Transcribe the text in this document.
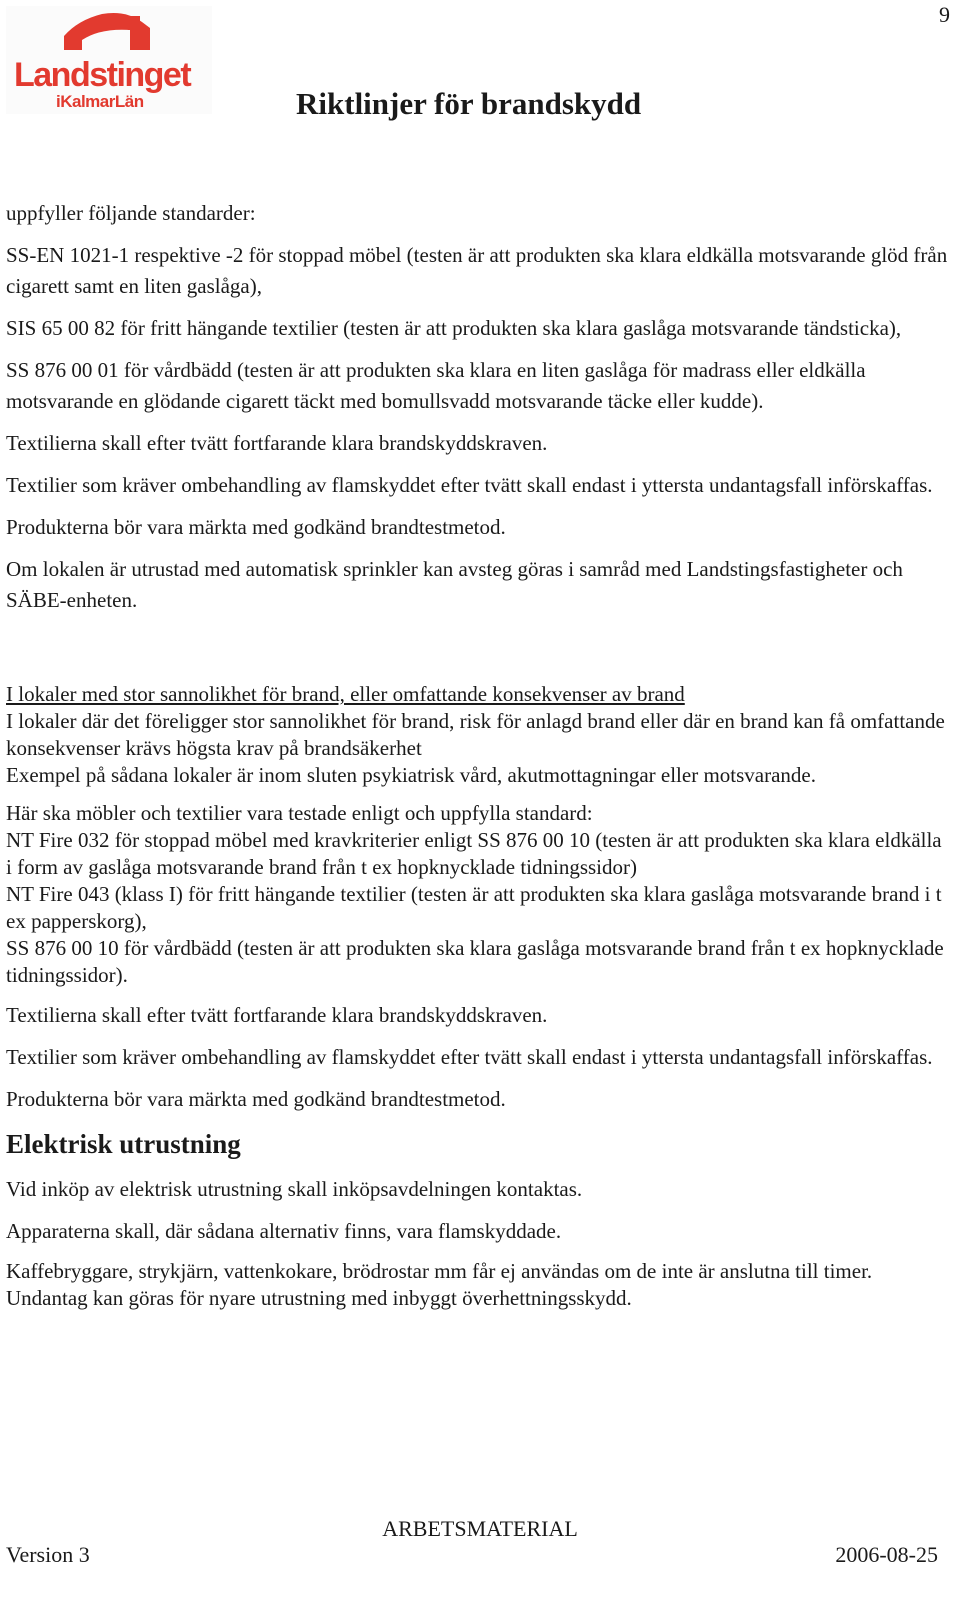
9
Landstinget
iKalmarLän	Riktlinjer för brandskydd

uppfyller följande standarder:

SS-EN 1021-1 respektive -2 för stoppad möbel (testen är att produkten ska klara eldkälla motsvarande glöd från cigarett samt en liten gaslåga),

SIS 65 00 82 för fritt hängande textilier (testen är att produkten ska klara gaslåga motsvarande tändsticka),

SS 876 00 01 för vårdbädd (testen är att produkten ska klara en liten gaslåga för madrass eller eldkälla motsvarande en glödande cigarett täckt med bomullsvadd motsvarande täcke eller kudde).

Textilierna skall efter tvätt fortfarande klara brandskyddskraven.

Textilier som kräver ombehandling av flamskyddet efter tvätt skall endast i yttersta undantagsfall införskaffas.

Produkterna bör vara märkta med godkänd brandtestmetod.

Om lokalen är utrustad med automatisk sprinkler kan avsteg göras i samråd med Landstingsfastigheter och SÄBE-enheten.

I lokaler med stor sannolikhet för brand, eller omfattande konsekvenser av brand

I lokaler där det föreligger stor sannolikhet för brand, risk för anlagd brand eller där en brand kan få omfattande konsekvenser krävs högsta krav på brandsäkerhet

Exempel på sådana lokaler är inom sluten psykiatrisk vård, akutmottagningar eller motsvarande.

Här ska möbler och textilier vara testade enligt och uppfylla standard:

NT Fire 032 för stoppad möbel med kravkriterier enligt SS 876 00 10 (testen är att produkten ska klara eldkälla i form av gaslåga motsvarande brand från t ex hopknycklade tidningssidor)

NT Fire 043 (klass I) för fritt hängande textilier (testen är att produkten ska klara gaslåga motsvarande brand i t ex papperskorg),

SS 876 00 10 för vårdbädd (testen är att produkten ska klara gaslåga motsvarande brand från t ex hopknycklade tidningssidor).

Textilierna skall efter tvätt fortfarande klara brandskyddskraven.

Textilier som kräver ombehandling av flamskyddet efter tvätt skall endast i yttersta undantagsfall införskaffas.

Produkterna bör vara märkta med godkänd brandtestmetod.

Elektrisk utrustning

Vid inköp av elektrisk utrustning skall inköpsavdelningen kontaktas.

Apparaterna skall, där sådana alternativ finns, vara flamskyddade.

Kaffebryggare, strykjärn, vattenkokare, brödrostar mm får ej användas om de inte är anslutna till timer. Undantag kan göras för nyare utrustning med inbyggt överhettningsskydd.

ARBETSMATERIAL
Version 3	2006-08-25
